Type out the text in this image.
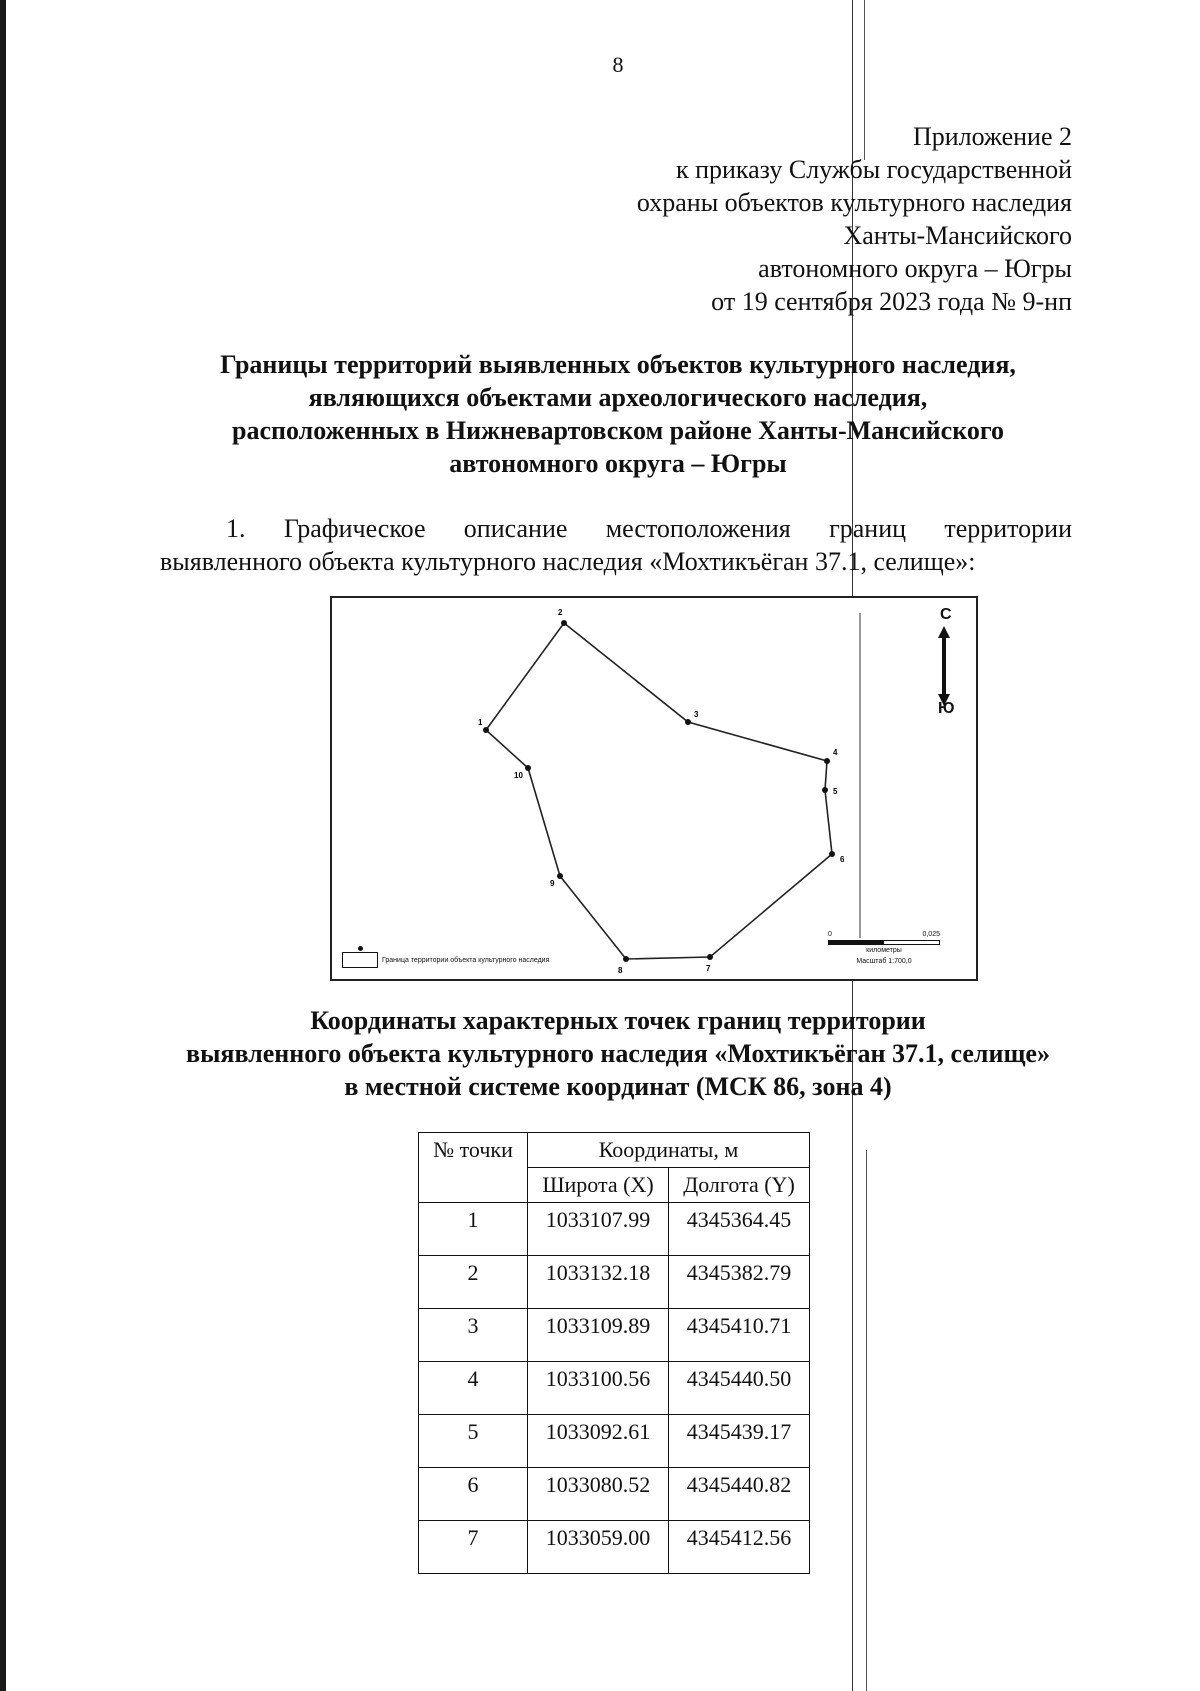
8
Приложение 2
к приказу Службы государственной
охраны объектов культурного наследия
Ханты-Мансийского
автономного округа – Югры
от 19 сентября 2023 года № 9-нп
Границы территорий выявленных объектов культурного наследия,
являющихся объектами археологического наследия,
расположенных в Нижневартовском районе Ханты-Мансийского
автономного округа – Югры
1. Графическое описание местоположения границ территории
выявленного объекта культурного наследия «Мохтикъёган 37.1, селище»:
1
2
3
4
5
6
7
8
9
10
С
Ю
Граница территории объекта культурного наследия
0	0,025
километры
Масштаб 1:700,0
Координаты характерных точек границ территории
выявленного объекта культурного наследия «Мохтикъёган 37.1, селище»
в местной системе координат (МСК 86, зона 4)
№ точки	Координаты, м	
	Широта (X)	Долгота (Y)
1	1033107.99	4345364.45
2	1033132.18	4345382.79
3	1033109.89	4345410.71
4	1033100.56	4345440.50
5	1033092.61	4345439.17
6	1033080.52	4345440.82
7	1033059.00	4345412.56
